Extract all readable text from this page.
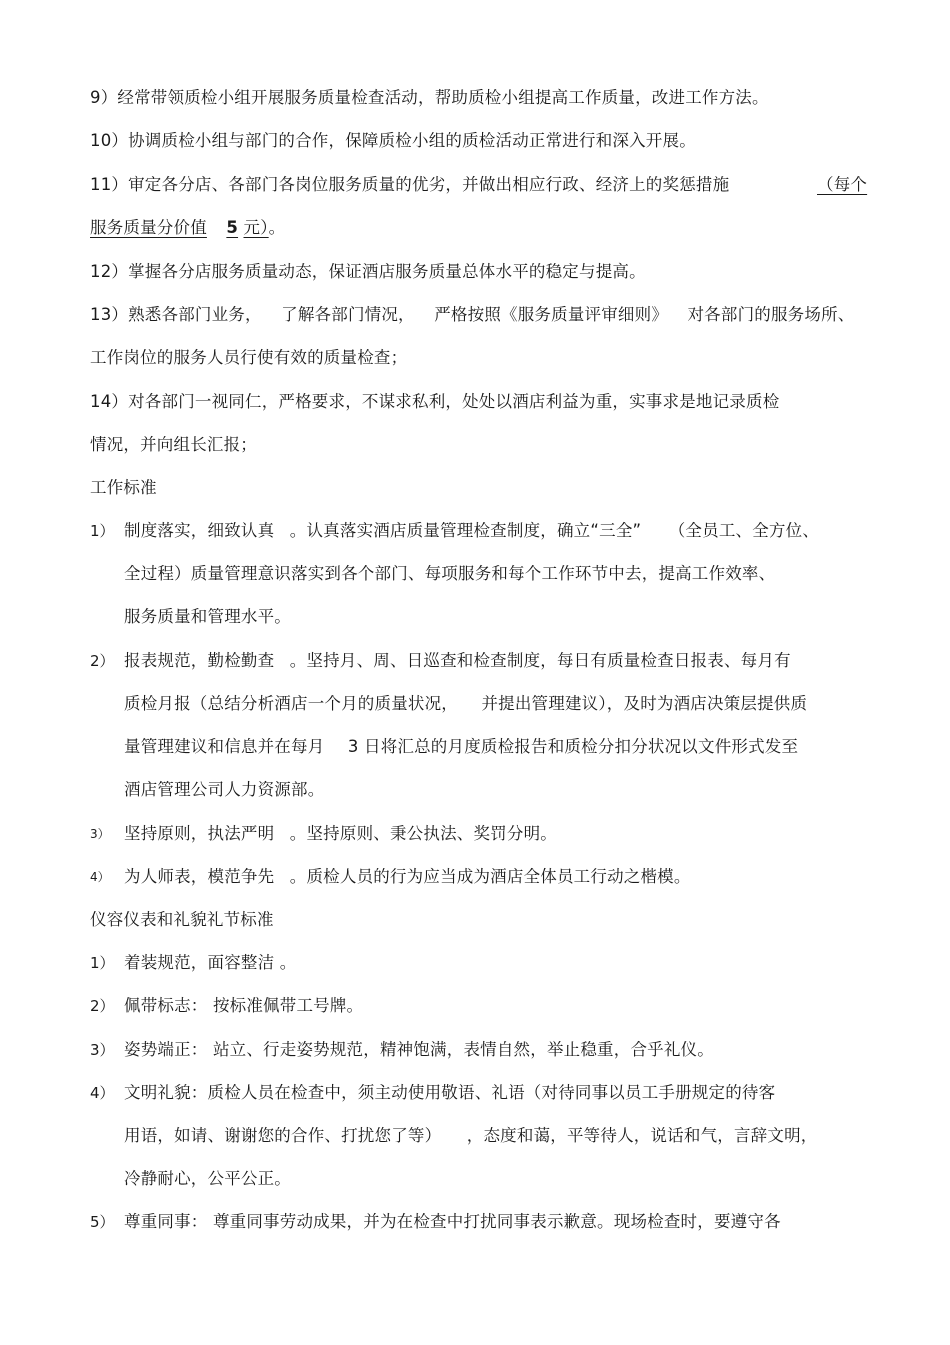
9）经常带领质检小组开展服务质量检查活动，帮助质检小组提高工作质量，改进工作方法。
10）协调质检小组与部门的合作，保障质检小组的质检活动正常进行和深入开展。
11）审定各分店、各部门各岗位服务质量的优劣，并做出相应行政、经济上的奖惩措施	（每个
服务质量分价值 5 元）。
12）掌握各分店服务质量动态，保证酒店服务质量总体水平的稳定与提高。
13）熟悉各部门业务， 了解各部门情况， 严格按照《服务质量评审细则》 对各部门的服务场所、
工作岗位的服务人员行使有效的质量检查；
14）对各部门一视同仁，严格要求，不谋求私利，处处以酒店利益为重，实事求是地记录质检
情况，并向组长汇报；
工作标准
1） 制度落实，细致认真 。认真落实酒店质量管理检查制度，确立“三全” （全员工、全方位、
全过程）质量管理意识落实到各个部门、每项服务和每个工作环节中去，提高工作效率、
服务质量和管理水平。
2） 报表规范，勤检勤查 。坚持月、周、日巡查和检查制度，每日有质量检查日报表、每月有
质检月报（总结分析酒店一个月的质量状况， 并提出管理建议），及时为酒店决策层提供质
量管理建议和信息并在每月 3 日将汇总的月度质检报告和质检分扣分状况以文件形式发至
酒店管理公司人力资源部。
3） 坚持原则，执法严明 。坚持原则、秉公执法、奖罚分明。
4） 为人师表，模范争先 。质检人员的行为应当成为酒店全体员工行动之楷模。
仪容仪表和礼貌礼节标准
1） 着装规范，面容整洁 。
2） 佩带标志： 按标准佩带工号牌。
3） 姿势端正： 站立、行走姿势规范，精神饱满，表情自然，举止稳重，合乎礼仪。
4） 文明礼貌：质检人员在检查中，须主动使用敬语、礼语（对待同事以员工手册规定的待客
用语，如请、谢谢您的合作、打扰您了等） ，态度和蔼，平等待人，说话和气，言辞文明，
冷静耐心，公平公正。
5） 尊重同事： 尊重同事劳动成果，并为在检查中打扰同事表示歉意。现场检查时，要遵守各
